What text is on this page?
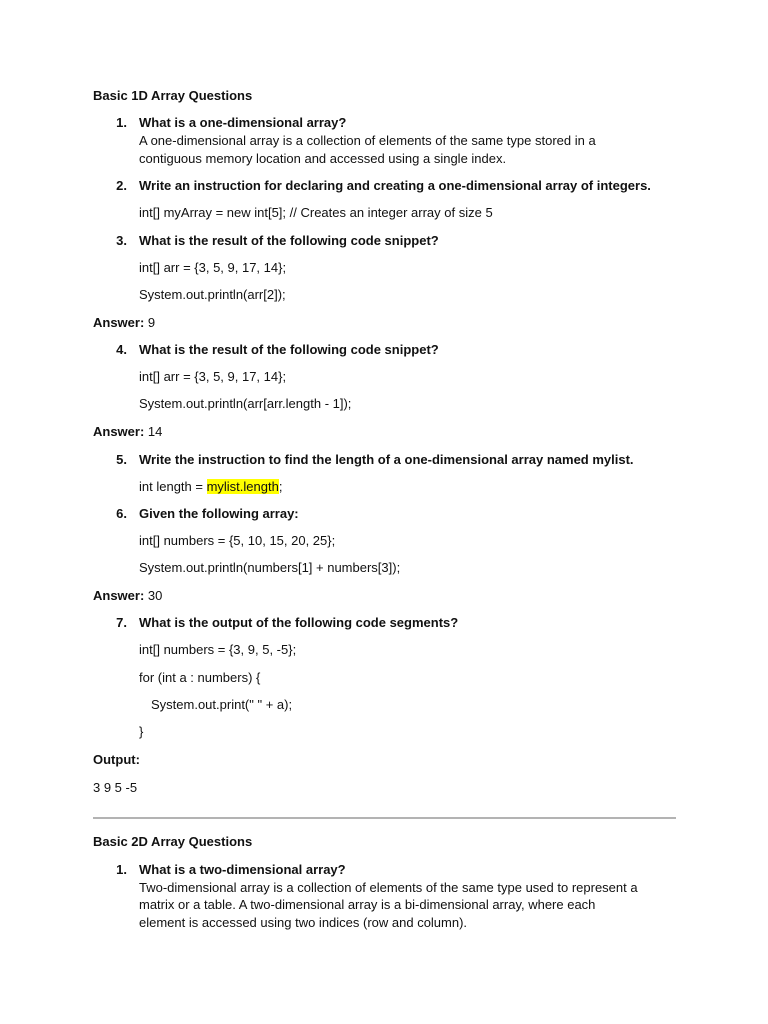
Basic 1D Array Questions
1. What is a one-dimensional array?
A one-dimensional array is a collection of elements of the same type stored in a
contiguous memory location and accessed using a single index.
2. Write an instruction for declaring and creating a one-dimensional array of integers.
int[] myArray = new int[5]; // Creates an integer array of size 5
3. What is the result of the following code snippet?
int[] arr = {3, 5, 9, 17, 14};
System.out.println(arr[2]);
Answer: 9
4. What is the result of the following code snippet?
int[] arr = {3, 5, 9, 17, 14};
System.out.println(arr[arr.length - 1]);
Answer: 14
5. Write the instruction to find the length of a one-dimensional array named mylist.
int length = mylist.length;
6. Given the following array:
int[] numbers = {5, 10, 15, 20, 25};
System.out.println(numbers[1] + numbers[3]);
Answer: 30
7. What is the output of the following code segments?
int[] numbers = {3, 9, 5, -5};
for (int a : numbers) {
System.out.print(" " + a);
}
Output:
3 9 5 -5
Basic 2D Array Questions
1. What is a two-dimensional array?
Two-dimensional array is a collection of elements of the same type used to represent a
matrix or a table. A two-dimensional array is a bi-dimensional array, where each
element is accessed using two indices (row and column).
